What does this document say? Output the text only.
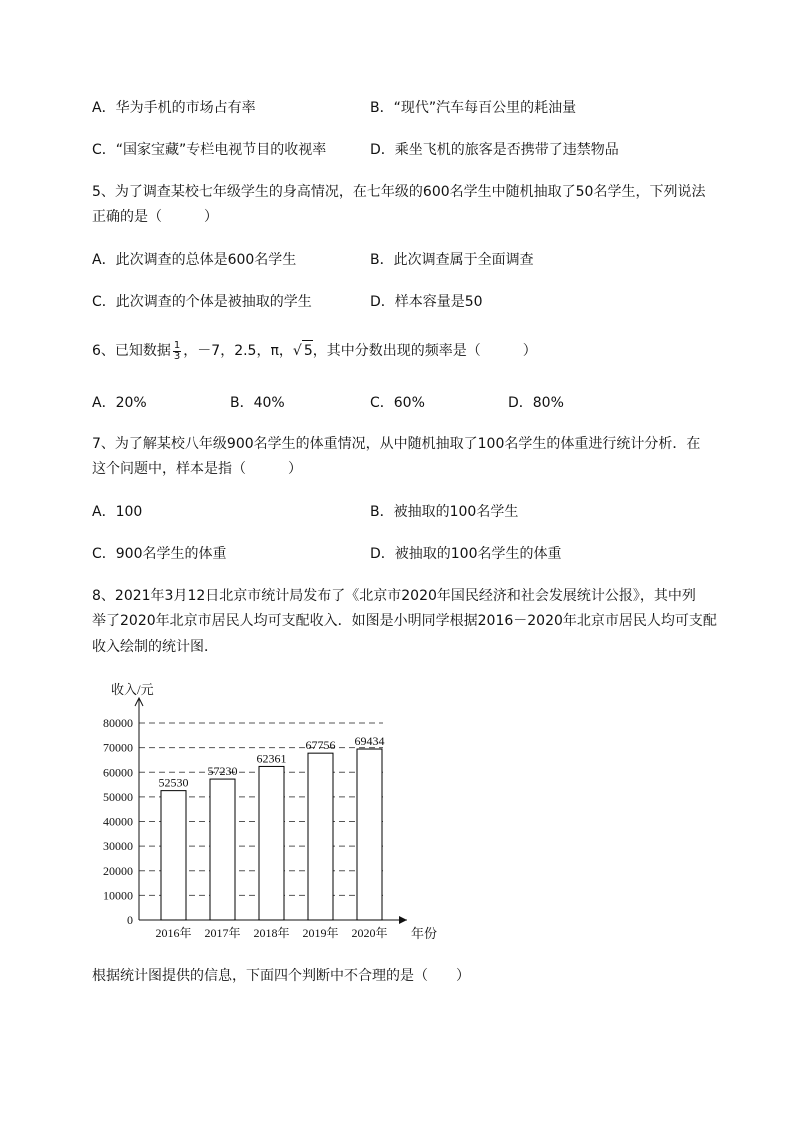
A．华为手机的市场占有率	B．“现代”汽车每百公里的耗油量
C．“国家宝藏”专栏电视节目的收视率	D．乘坐飞机的旅客是否携带了违禁物品
5、为了调查某校七年级学生的身高情况，在七年级的600名学生中随机抽取了50名学生，下列说法
正确的是（　　　）
A．此次调查的总体是600名学生	B．此次调查属于全面调查
C．此次调查的个体是被抽取的学生	D．样本容量是50
6、已知数据 $\frac{1}{3}$ ，－7，2.5，π，√ 5，其中分数出现的频率是（　　　）
A．20%	B．40%	C．60%	D．80%
7、为了解某校八年级900名学生的体重情况，从中随机抽取了100名学生的体重进行统计分析．在
这个问题中，样本是指（　　　）
A．100	B．被抽取的100名学生
C．900名学生的体重	D．被抽取的100名学生的体重
8、2021年3月12日北京市统计局发布了《北京市2020年国民经济和社会发展统计公报》，其中列
举了2020年北京市居民人均可支配收入．如图是小明同学根据2016－2020年北京市居民人均可支配
收入绘制的统计图．
0
10000
20000
30000
40000
50000
60000
70000
80000
收入/元
年份
52530
2016年
57230
2017年
62361
2018年
67756
2019年
69434
2020年
根据统计图提供的信息，下面四个判断中不合理的是（　　）
